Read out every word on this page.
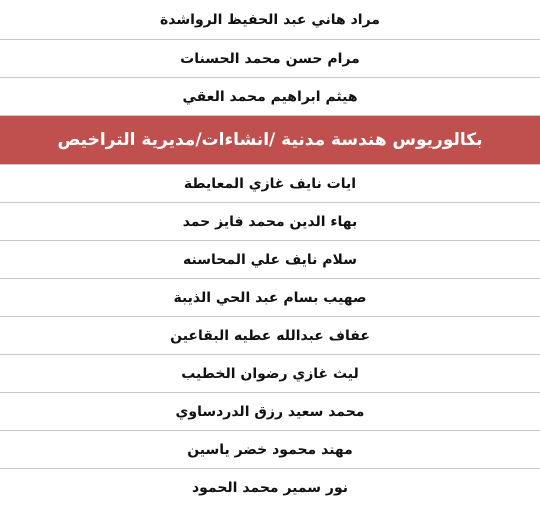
مراد هاني عبد الحفيظ الرواشدة
مرام حسن محمد الحسنات
هيثم ابراهيم محمد العقي
بكالوريوس هندسة مدنية /انشاءات/مديرية التراخيص
ايات نايف غازي المعايطة
بهاء الدين محمد فايز حمد
سلام نايف علي المحاسنه
صهيب بسام عبد الحي الذيبة
عفاف عبدالله عطيه البقاعين
ليث غازي رضوان الخطيب
محمد سعيد رزق الدردساوي
مهند محمود خضر ياسين
نور سمير محمد الحمود
